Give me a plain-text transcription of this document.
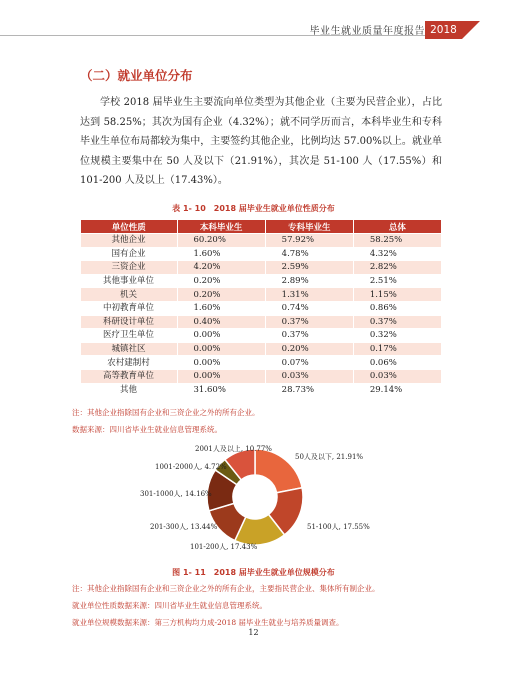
毕业生就业质量年度报告 2018届
（二）就业单位分布
学校 2018 届毕业生主要流向单位类型为其他企业（主要为民营企业），占比达到 58.25%；其次为国有企业（4.32%）；就不同学历而言，本科毕业生和专科毕业生单位布局都较为集中，主要签约其他企业，比例均达 57.00%以上。就业单位规模主要集中在 50 人及以下（21.91%），其次是 51-100 人（17.55%）和 101-200 人及以上（17.43%）。
表 1- 10　2018 届毕业生就业单位性质分布
单位性质	本科毕业生	专科毕业生	总体
其他企业	60.20%	57.92%	58.25%
国有企业	1.60%	4.78%	4.32%
三资企业	4.20%	2.59%	2.82%
其他事业单位	0.20%	2.89%	2.51%
机关	0.20%	1.31%	1.15%
中初教育单位	1.60%	0.74%	0.86%
科研设计单位	0.40%	0.37%	0.37%
医疗卫生单位	0.00%	0.37%	0.32%
城镇社区	0.00%	0.20%	0.17%
农村建制村	0.00%	0.07%	0.06%
高等教育单位	0.00%	0.03%	0.03%
其他	31.60%	28.73%	29.14%
注：其他企业指除国有企业和三资企业之外的所有企业。
数据来源：四川省毕业生就业信息管理系统。
50人及以下, 21.91%
51-100人, 17.55%
101-200人, 17.43%
201-300人, 13.44%
301-1000人, 14.16%
1001-2000人, 4.72%
2001人及以上, 10.77%
图 1- 11　2018 届毕业生就业单位规模分布
注：其他企业指除国有企业和三资企业之外的所有企业，主要指民营企业、集体所有制企业。
就业单位性质数据来源：四川省毕业生就业信息管理系统。
就业单位规模数据来源：第三方机构均力成-2018 届毕业生就业与培养质量调查。
12
